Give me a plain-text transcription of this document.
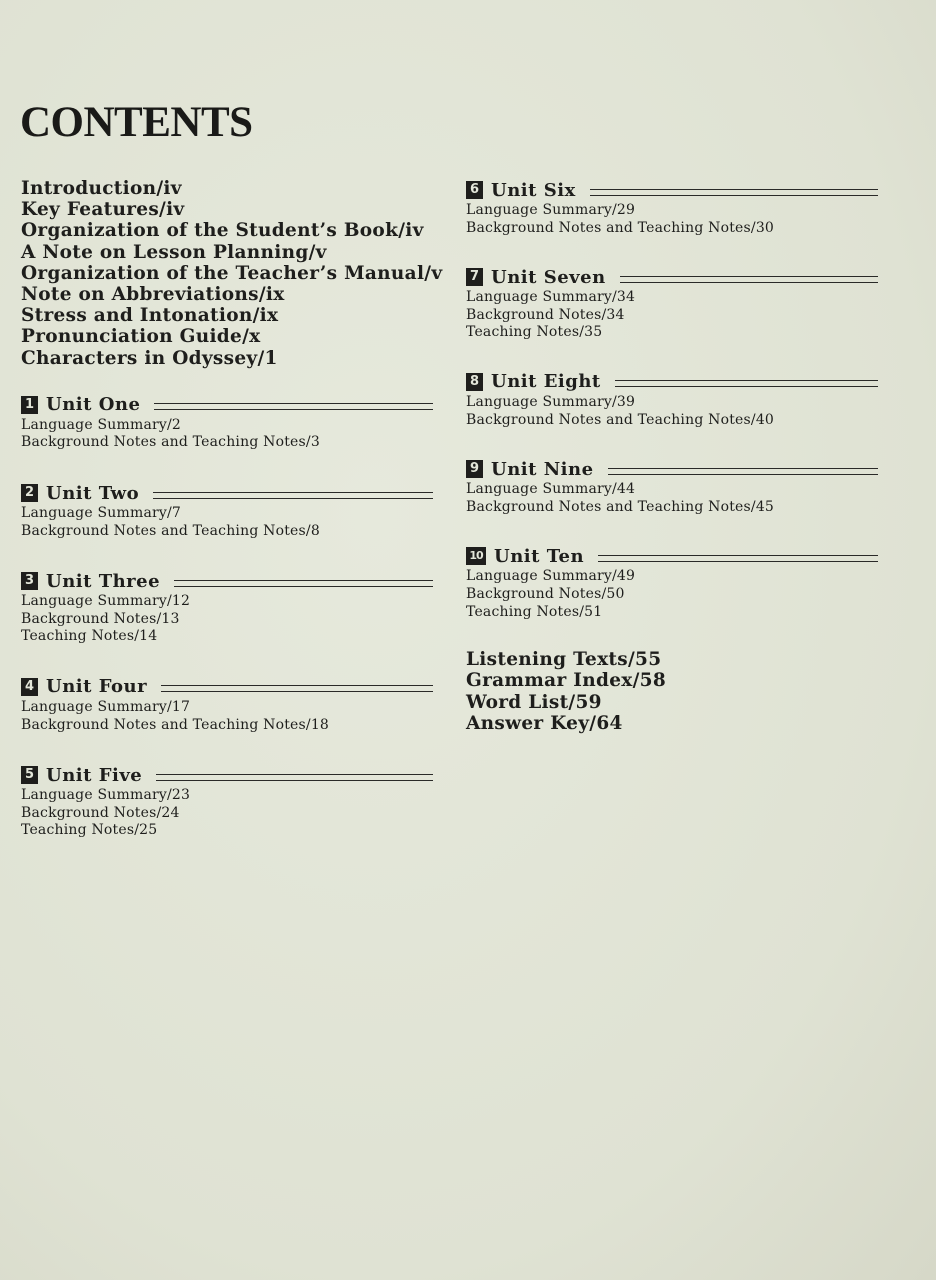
CONTENTS
Introduction/iv
Key Features/iv
Organization of the Student’s Book/iv
A Note on Lesson Planning/v
Organization of the Teacher’s Manual/v
Note on Abbreviations/ix
Stress and Intonation/ix
Pronunciation Guide/x
Characters in Odyssey/1
1 Unit One
Language Summary/2
Background Notes and Teaching Notes/3
2 Unit Two
Language Summary/7
Background Notes and Teaching Notes/8
3 Unit Three
Language Summary/12
Background Notes/13
Teaching Notes/14
4 Unit Four
Language Summary/17
Background Notes and Teaching Notes/18
5 Unit Five
Language Summary/23
Background Notes/24
Teaching Notes/25
6 Unit Six
Language Summary/29
Background Notes and Teaching Notes/30
7 Unit Seven
Language Summary/34
Background Notes/34
Teaching Notes/35
8 Unit Eight
Language Summary/39
Background Notes and Teaching Notes/40
9 Unit Nine
Language Summary/44
Background Notes and Teaching Notes/45
10 Unit Ten
Language Summary/49
Background Notes/50
Teaching Notes/51
Listening Texts/55
Grammar Index/58
Word List/59
Answer Key/64
